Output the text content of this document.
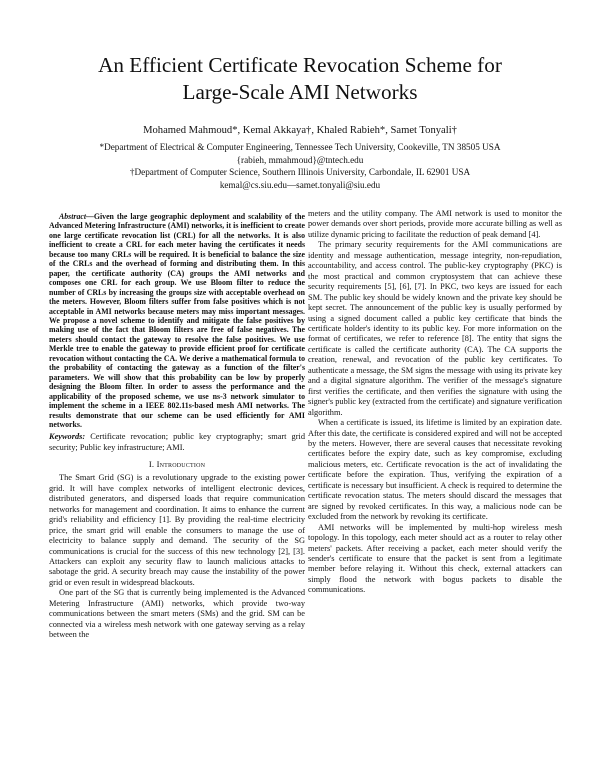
An Efficient Certificate Revocation Scheme for
Large-Scale AMI Networks
Mohamed Mahmoud*, Kemal Akkaya†, Khaled Rabieh*, Samet Tonyali†
*Department of Electrical & Computer Engineering, Tennessee Tech University, Cookeville, TN 38505 USA
{rabieh, mmahmoud}@tntech.edu
†Department of Computer Science, Southern Illinois University, Carbondale, IL 62901 USA
kemal@cs.siu.edu—samet.tonyali@siu.edu

Abstract—Given the large geographic deployment and scalability of the Advanced Metering Infrastructure (AMI) networks, it is inefficient to create one large certificate revocation list (CRL) for all the networks. It is also inefficient to create a CRL for each meter having the certificates it needs because too many CRLs will be required. It is beneficial to balance the size of the CRLs and the overhead of forming and distributing them. In this paper, the certificate authority (CA) groups the AMI networks and composes one CRL for each group. We use Bloom filter to reduce the number of CRLs by increasing the groups size with acceptable overhead on the meters. However, Bloom filters suffer from false positives which is not acceptable in AMI networks because meters may miss important messages. We propose a novel scheme to identify and mitigate the false positives by making use of the fact that Bloom filters are free of false negatives. The meters should contact the gateway to resolve the false positives. We use Merkle tree to enable the gateway to provide efficient proof for certificate revocation without contacting the CA. We derive a mathematical formula to the probability of contacting the gateway as a function of the filter's parameters. We will show that this probability can be low by properly designing the Bloom filter. In order to assess the performance and the applicability of the proposed scheme, we use ns-3 network simulator to implement the scheme in a IEEE 802.11s-based mesh AMI networks. The results demonstrate that our scheme can be used efficiently for AMI networks.

Keywords: Certificate revocation; public key cryptography; smart grid security; Public key infrastructure; AMI.

I. Introduction

The Smart Grid (SG) is a revolutionary upgrade to the existing power grid. It will have complex networks of intelligent electronic devices, distributed generators, and dispersed loads that require communication networks for management and coordination. It aims to enhance the current grid's reliability and efficiency [1]. By providing the real-time electricity price, the smart grid will enable the consumers to manage the use of electricity to balance supply and demand. The security of the SG communications is crucial for the success of this new technology [2], [3]. Attackers can exploit any security flaw to launch malicious attacks to sabotage the grid. A security breach may cause the instability of the power grid or even result in widespread blackouts.

One part of the SG that is currently being implemented is the Advanced Metering Infrastructure (AMI) networks, which provide two-way communications between the smart meters (SMs) and the grid. SM can be connected via a wireless mesh network with one gateway serving as a relay between the

meters and the utility company. The AMI network is used to monitor the power demands over short periods, provide more accurate billing as well as utilize dynamic pricing to facilitate the reduction of peak demand [4].

The primary security requirements for the AMI communications are identity and message authentication, message integrity, non-repudiation, accountability, and access control. The public-key cryptography (PKC) is the most practical and common cryptosystem that can achieve these security requirements [5], [6], [7]. In PKC, two keys are issued for each SM. The public key should be widely known and the private key should be kept secret. The announcement of the public key is usually performed by using a signed document called a public key certificate that binds the certificate holder's identity to its public key. For more information on the format of certificates, we refer to reference [8]. The entity that signs the certificate is called the certificate authority (CA). The CA supports the creation, renewal, and revocation of the public key certificates. To authenticate a message, the SM signs the message with using its private key and a digital signature algorithm. The verifier of the message's signature first verifies the certificate, and then verifies the signature with using the signer's public key (extracted from the certificate) and signature verification algorithm.

When a certificate is issued, its lifetime is limited by an expiration date. After this date, the certificate is considered expired and will not be accepted by the meters. However, there are several causes that necessitate revoking certificates before the expiry date, such as key compromise, excluding malicious meters, etc. Certificate revocation is the act of invalidating the certificate before the expiration. Thus, verifying the expiration of a certificate is necessary but insufficient. A check is required to determine the certificate revocation status. The meters should discard the messages that are signed by revoked certificates. In this way, a malicious node can be excluded from the network by revoking its certificate.

AMI networks will be implemented by multi-hop wireless mesh topology. In this topology, each meter should act as a router to relay other meters' packets. After receiving a packet, each meter should verify the sender's certificate to ensure that the packet is sent from a legitimate member before relaying it. Without this check, external attackers can simply flood the network with bogus packets to disable the communications.
